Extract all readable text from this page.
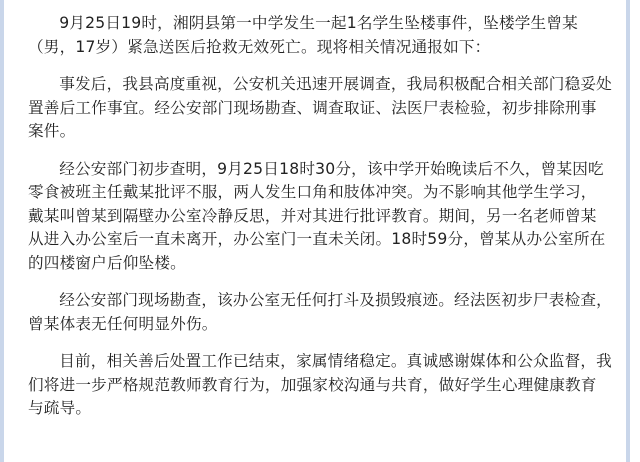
9月25日19时，湘阴县第一中学发生一起1名学生坠楼事件，坠楼学生曾某（男，17岁）紧急送医后抢救无效死亡。现将相关情况通报如下：

事发后，我县高度重视，公安机关迅速开展调查，我局积极配合相关部门稳妥处置善后工作事宜。经公安部门现场勘查、调查取证、法医尸表检验，初步排除刑事案件。

经公安部门初步查明，9月25日18时30分，该中学开始晚读后不久，曾某因吃零食被班主任戴某批评不服，两人发生口角和肢体冲突。为不影响其他学生学习，戴某叫曾某到隔壁办公室冷静反思，并对其进行批评教育。期间，另一名老师曾某从进入办公室后一直未离开，办公室门一直未关闭。18时59分，曾某从办公室所在的四楼窗户后仰坠楼。

经公安部门现场勘查，该办公室无任何打斗及损毁痕迹。经法医初步尸表检查，曾某体表无任何明显外伤。

目前，相关善后处置工作已结束，家属情绪稳定。真诚感谢媒体和公众监督，我们将进一步严格规范教师教育行为，加强家校沟通与共育，做好学生心理健康教育与疏导。
